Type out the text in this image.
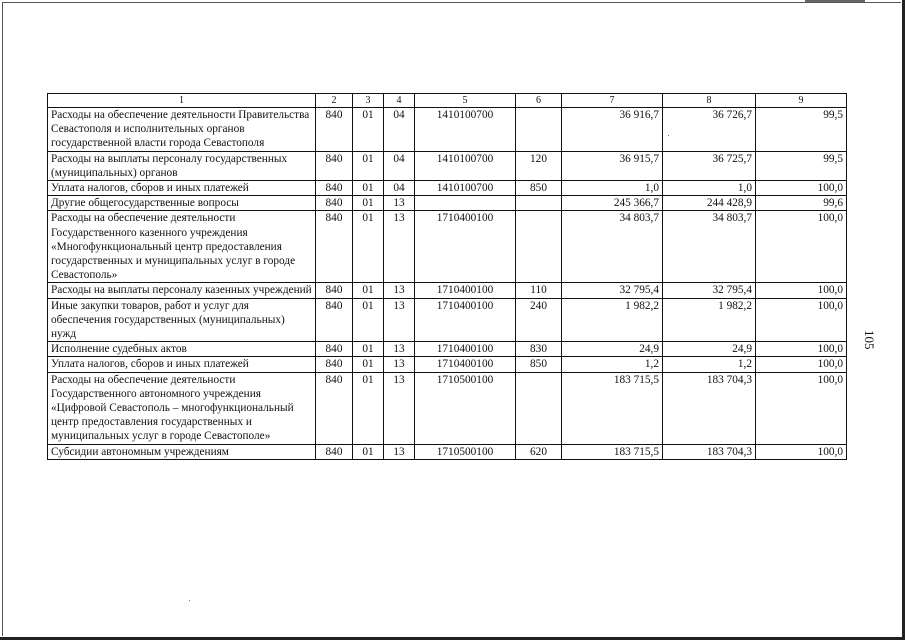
1	2	3	4	5	6	7	8	9
Расходы на обеспечение деятельности Правительства Севастополя и исполнительных органов государственной власти города Севастополя	840	01	04	1410100700		36 916,7	36 726,7	99,5
Расходы на выплаты персоналу государственных (муниципальных) органов	840	01	04	1410100700	120	36 915,7	36 725,7	99,5
Уплата налогов, сборов и иных платежей	840	01	04	1410100700	850	1,0	1,0	100,0
Другие общегосударственные вопросы	840	01	13			245 366,7	244 428,9	99,6
Расходы на обеспечение деятельности Государственного казенного учреждения «Многофункциональный центр предоставления государственных и муниципальных услуг в городе Севастополь»	840	01	13	1710400100		34 803,7	34 803,7	100,0
Расходы на выплаты персоналу казенных учреждений	840	01	13	1710400100	110	32 795,4	32 795,4	100,0
Иные закупки товаров, работ и услуг для обеспечения государственных (муниципальных) нужд	840	01	13	1710400100	240	1 982,2	1 982,2	100,0
Исполнение судебных актов	840	01	13	1710400100	830	24,9	24,9	100,0
Уплата налогов, сборов и иных платежей	840	01	13	1710400100	850	1,2	1,2	100,0
Расходы на обеспечение деятельности Государственного автономного учреждения «Цифровой Севастополь – многофункциональный центр предоставления государственных и муниципальных услуг в городе Севастополе»	840	01	13	1710500100		183 715,5	183 704,3	100,0
Субсидии автономным учреждениям	840	01	13	1710500100	620	183 715,5	183 704,3	100,0
105
